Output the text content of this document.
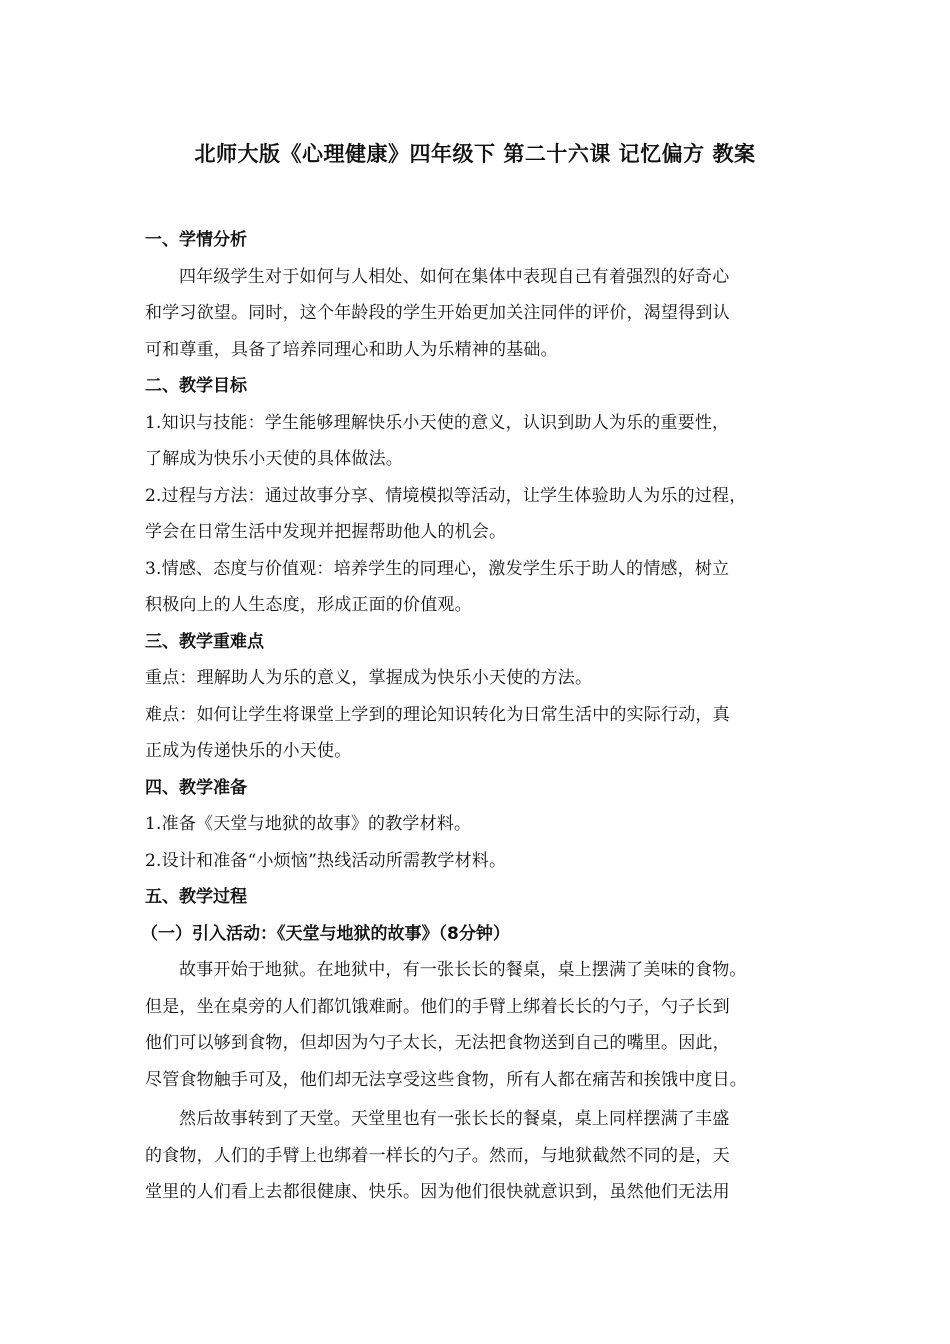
北师大版《心理健康》四年级下 第二十六课 记忆偏方 教案
一、学情分析
四年级学生对于如何与人相处、如何在集体中表现自己有着强烈的好奇心
和学习欲望。同时，这个年龄段的学生开始更加关注同伴的评价，渴望得到认
可和尊重，具备了培养同理心和助人为乐精神的基础。
二、教学目标
1.知识与技能：学生能够理解快乐小天使的意义，认识到助人为乐的重要性，
了解成为快乐小天使的具体做法。
2.过程与方法：通过故事分享、情境模拟等活动，让学生体验助人为乐的过程，
学会在日常生活中发现并把握帮助他人的机会。
3.情感、态度与价值观：培养学生的同理心，激发学生乐于助人的情感，树立
积极向上的人生态度，形成正面的价值观。
三、教学重难点
重点：理解助人为乐的意义，掌握成为快乐小天使的方法。
难点：如何让学生将课堂上学到的理论知识转化为日常生活中的实际行动，真
正成为传递快乐的小天使。
四、教学准备
1.准备《天堂与地狱的故事》的教学材料。
2.设计和准备“小烦恼”热线活动所需教学材料。
五、教学过程
（一）引入活动：《天堂与地狱的故事》（8分钟）
故事开始于地狱。在地狱中，有一张长长的餐桌，桌上摆满了美味的食物。
但是，坐在桌旁的人们都饥饿难耐。他们的手臂上绑着长长的勺子，勺子长到
他们可以够到食物，但却因为勺子太长，无法把食物送到自己的嘴里。因此，
尽管食物触手可及，他们却无法享受这些食物，所有人都在痛苦和挨饿中度日。
然后故事转到了天堂。天堂里也有一张长长的餐桌，桌上同样摆满了丰盛
的食物，人们的手臂上也绑着一样长的勺子。然而，与地狱截然不同的是，天
堂里的人们看上去都很健康、快乐。因为他们很快就意识到，虽然他们无法用
